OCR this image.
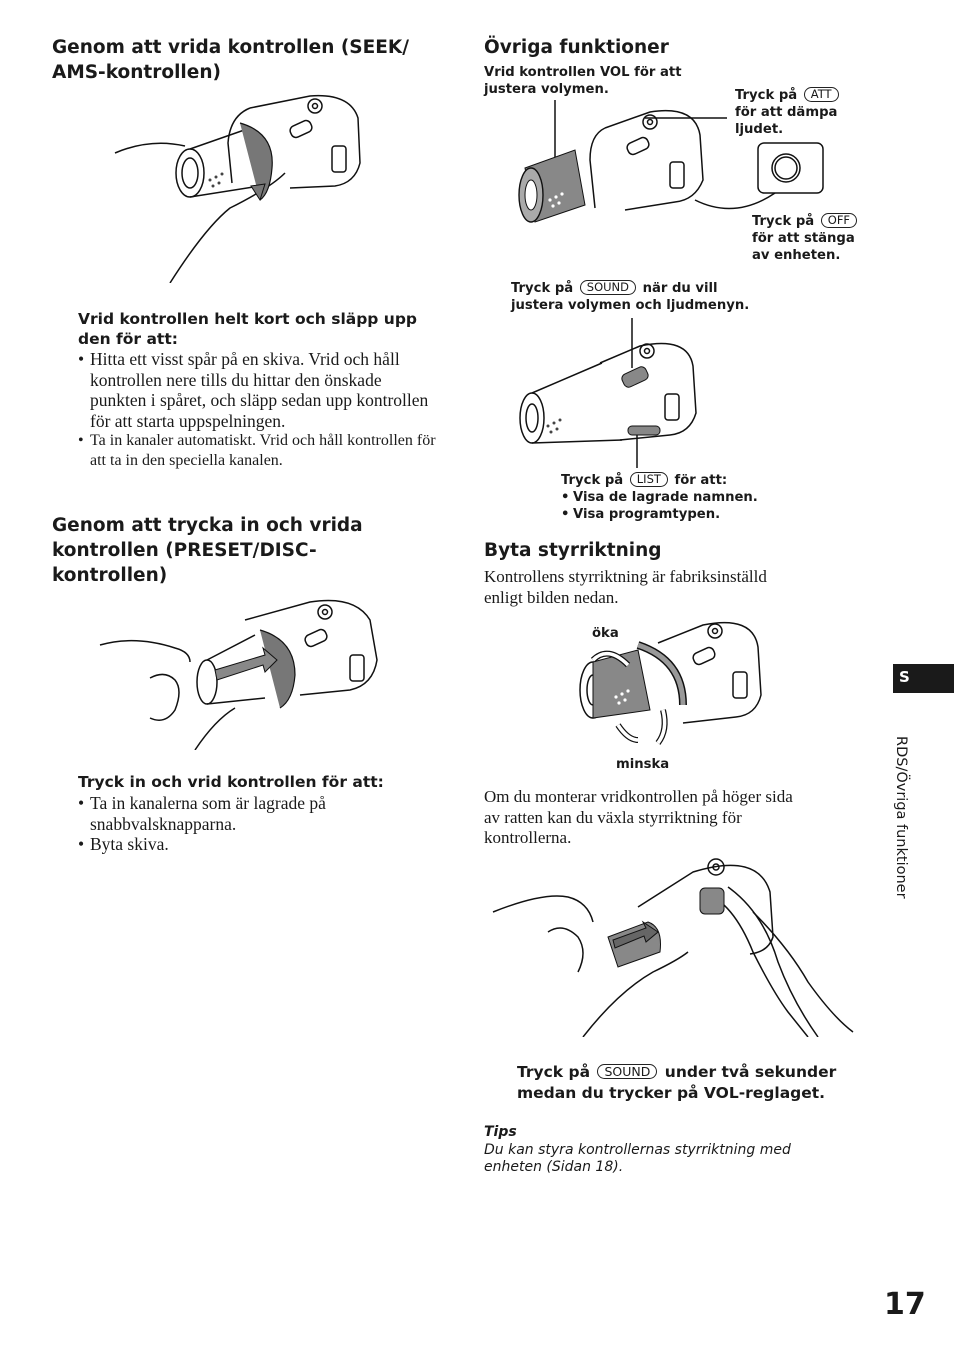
Genom att vrida kontrollen (SEEK/
AMS-kontrollen)
Vrid kontrollen helt kort och släpp upp
den för att:
• Hitta ett visst spår på en skiva. Vrid och håll kontrollen nere tills du hittar den önskade punkten i spåret, och släpp sedan upp kontrollen för att starta uppspelningen.
• Ta in kanaler automatiskt. Vrid och håll kontrollen för att ta in den speciella kanalen.
Genom att trycka in och vrida
kontrollen (PRESET/DISC-
kontrollen)
Tryck in och vrid kontrollen för att:
• Ta in kanalerna som är lagrade på snabbvalsknapparna.
• Byta skiva.
Övriga funktioner
Vrid kontrollen VOL för att
justera volymen.	Tryck på ATT
för att dämpa
ljudet.
Tryck på OFF
för att stänga
av enheten.
Tryck på SOUND när du vill
justera volymen och ljudmenyn.
Tryck på LIST för att:
• Visa de lagrade namnen.
• Visa programtypen.
Byta styrriktning
Kontrollens styrriktning är fabriksinställd
enligt bilden nedan.
öka
minska
Om du monterar vridkontrollen på höger sida
av ratten kan du växla styrriktning för
kontrollerna.
Tryck på SOUND under två sekunder
medan du trycker på VOL-reglaget.
Tips
Du kan styra kontrollernas styrriktning med
enheten (Sidan 18).
S
RDS/Övriga funktioner
17
